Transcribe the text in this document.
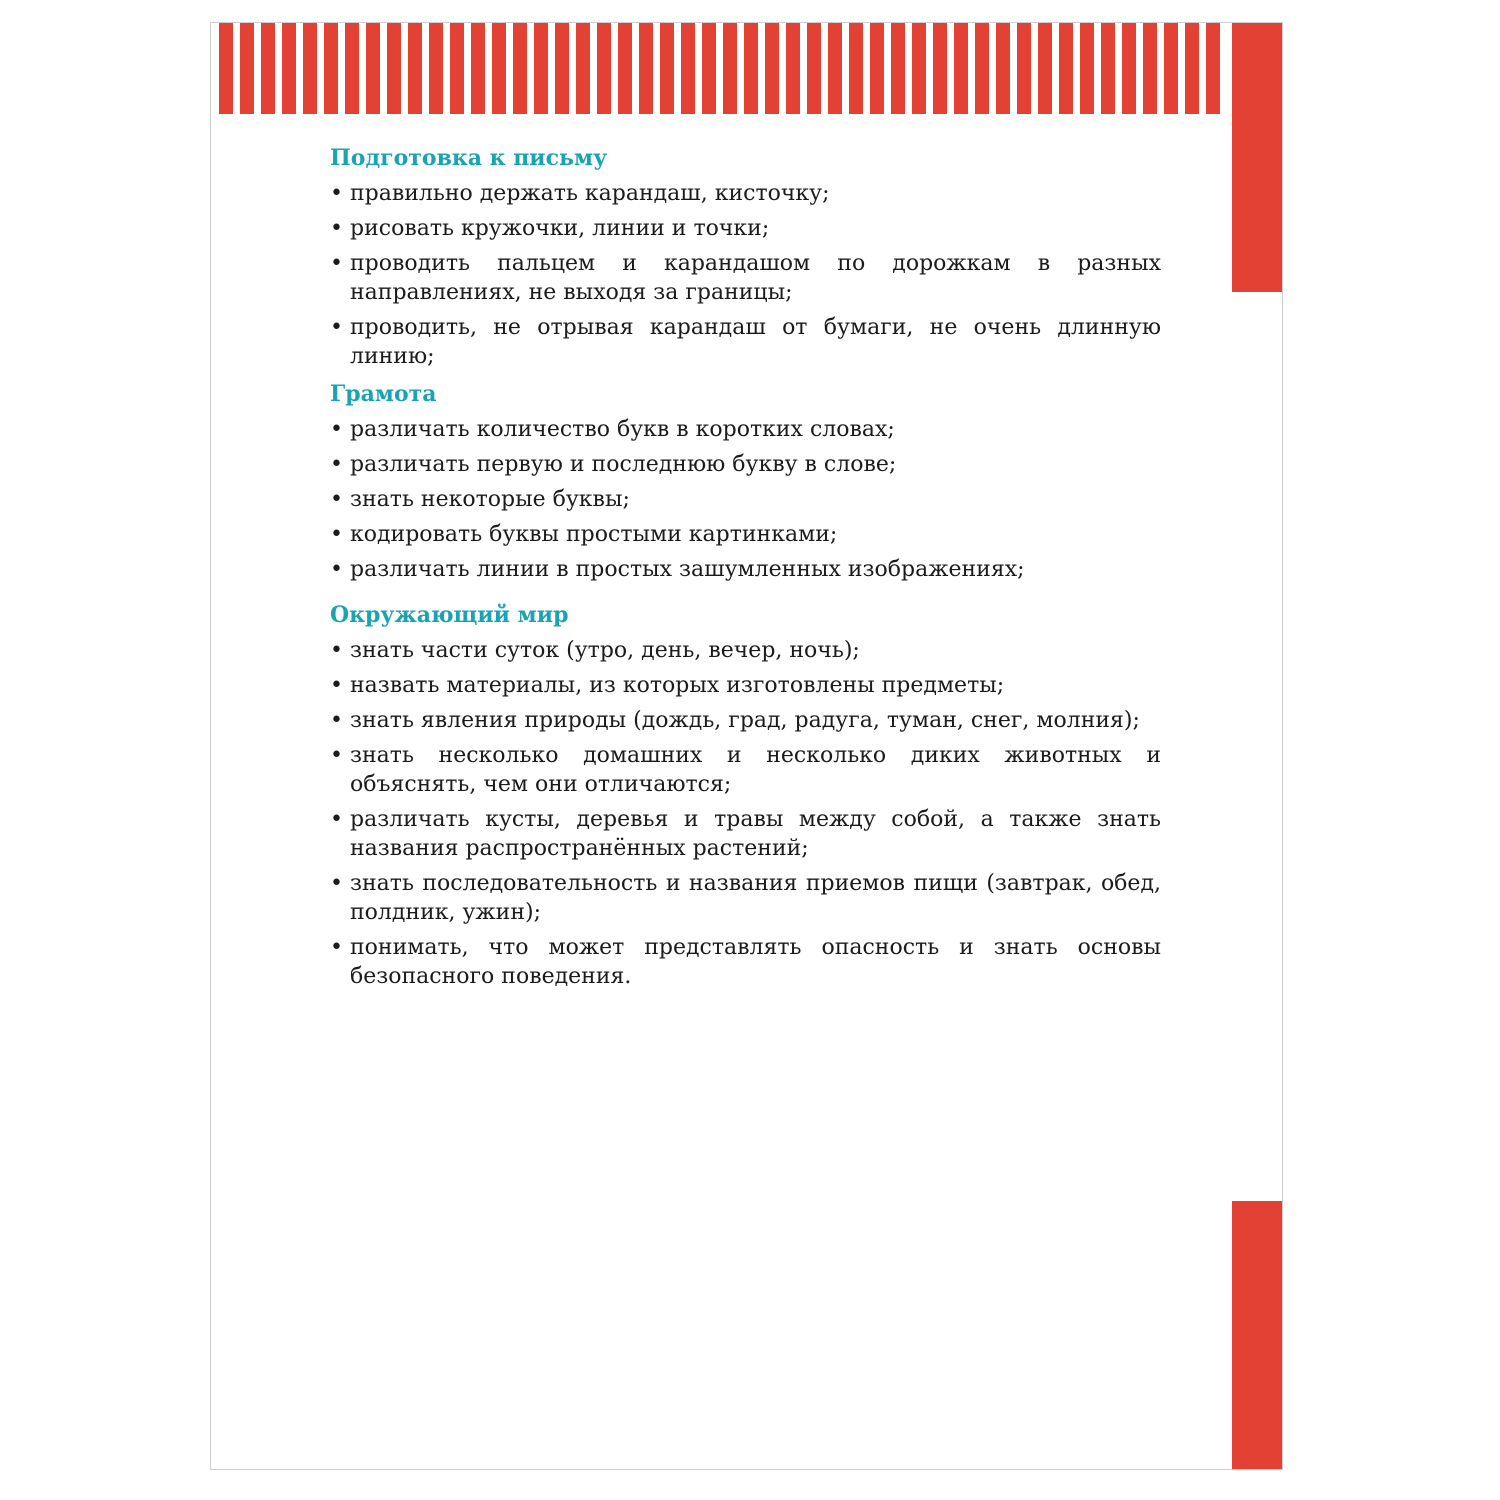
Подготовка к письму
• правильно держать карандаш, кисточку;
• рисовать кружочки, линии и точки;
• проводить пальцем и карандашом по дорожкам в разных направлениях, не выходя за границы;
• проводить, не отрывая карандаш от бумаги, не очень длинную линию;
Грамота
• различать количество букв в коротких словах;
• различать первую и последнюю букву в слове;
• знать некоторые буквы;
• кодировать буквы простыми картинками;
• различать линии в простых зашумленных изображениях;
Окружающий мир
• знать части суток (утро, день, вечер, ночь);
• назвать материалы, из которых изготовлены предметы;
• знать явления природы (дождь, град, радуга, туман, снег, молния);
• знать несколько домашних и несколько диких животных и объяснять, чем они отличаются;
• различать кусты, деревья и травы между собой, а также знать названия распространённых растений;
• знать последовательность и названия приемов пищи (завтрак, обед, полдник, ужин);
• понимать, что может представлять опасность и знать основы безопасного поведения.
